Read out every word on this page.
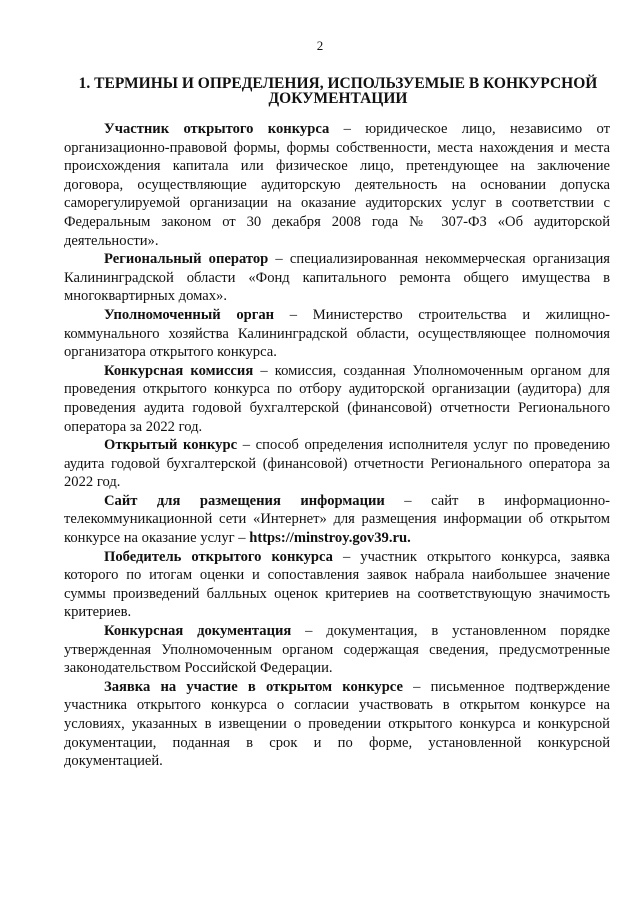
2
1. ТЕРМИНЫ И ОПРЕДЕЛЕНИЯ, ИСПОЛЬЗУЕМЫЕ В КОНКУРСНОЙ ДОКУМЕНТАЦИИ

Участник открытого конкурса – юридическое лицо, независимо от организационно-правовой формы, формы собственности, места нахождения и места происхождения капитала или физическое лицо, претендующее на заключение договора, осуществляющие аудиторскую деятельность на основании допуска саморегулируемой организации на оказание аудиторских услуг в соответствии с Федеральным законом от 30 декабря 2008 года № 307-ФЗ «Об аудиторской деятельности».

Региональный оператор – специализированная некоммерческая организация Калининградской области «Фонд капитального ремонта общего имущества в многоквартирных домах».

Уполномоченный орган – Министерство строительства и жилищно-коммунального хозяйства Калининградской области, осуществляющее полномочия организатора открытого конкурса.

Конкурсная комиссия – комиссия, созданная Уполномоченным органом для проведения открытого конкурса по отбору аудиторской организации (аудитора) для проведения аудита годовой бухгалтерской (финансовой) отчетности Регионального оператора за 2022 год.

Открытый конкурс – способ определения исполнителя услуг по проведению аудита годовой бухгалтерской (финансовой) отчетности Регионального оператора за 2022 год.

Сайт для размещения информации – сайт в информационно-телекоммуникационной сети «Интернет» для размещения информации об открытом конкурсе на оказание услуг – https://minstroy.gov39.ru.

Победитель открытого конкурса – участник открытого конкурса, заявка которого по итогам оценки и сопоставления заявок набрала наибольшее значение суммы произведений балльных оценок критериев на соответствующую значимость критериев.

Конкурсная документация – документация, в установленном порядке утвержденная Уполномоченным органом содержащая сведения, предусмотренные законодательством Российской Федерации.

Заявка на участие в открытом конкурсе – письменное подтверждение участника открытого конкурса о согласии участвовать в открытом конкурсе на условиях, указанных в извещении о проведении открытого конкурса и конкурсной документации, поданная в срок и по форме, установленной конкурсной документацией.
